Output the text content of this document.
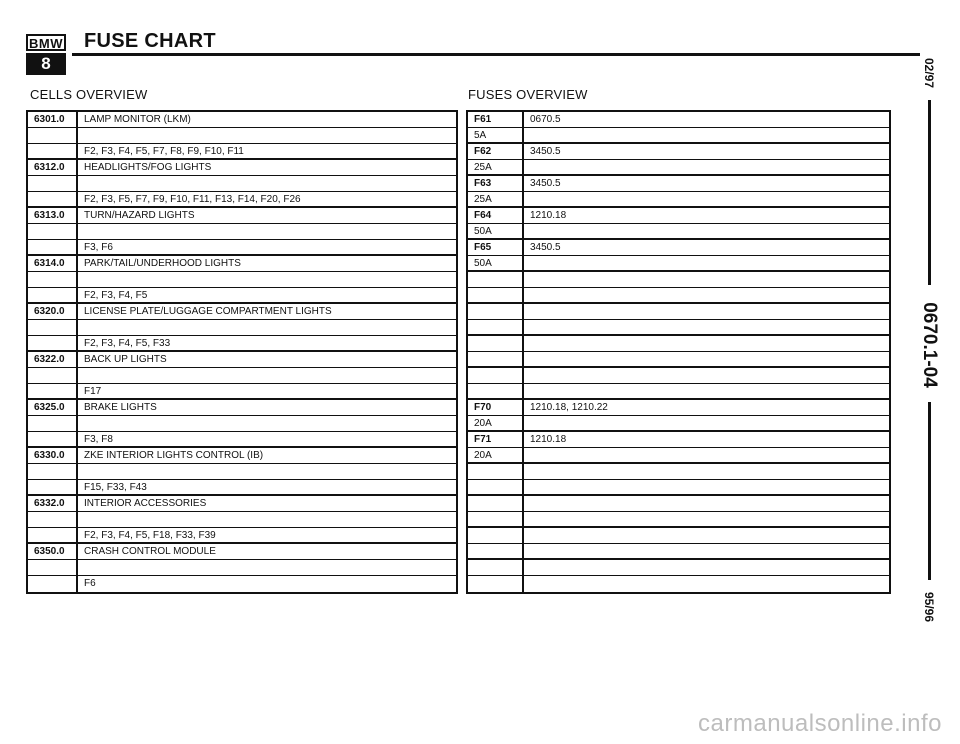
BMW
8
FUSE CHART
CELLS OVERVIEW	FUSES OVERVIEW
6301.0	LAMP MONITOR (LKM)
F2, F3, F4, F5, F7, F8, F9, F10, F11
6312.0	HEADLIGHTS/FOG LIGHTS
F2, F3, F5, F7, F9, F10, F11, F13, F14, F20, F26
6313.0	TURN/HAZARD LIGHTS
F3, F6
6314.0	PARK/TAIL/UNDERHOOD LIGHTS
F2, F3, F4, F5
6320.0	LICENSE PLATE/LUGGAGE COMPARTMENT LIGHTS
F2, F3, F4, F5, F33
6322.0	BACK UP LIGHTS
F17
6325.0	BRAKE LIGHTS
F3, F8
6330.0	ZKE INTERIOR LIGHTS CONTROL (IB)
F15, F33, F43
6332.0	INTERIOR ACCESSORIES
F2, F3, F4, F5, F18, F33, F39
6350.0	CRASH CONTROL MODULE
F6
F61	0670.5
5A
F62	3450.5
25A
F63	3450.5
25A
F64	1210.18
50A
F65	3450.5
50A
F70	1210.18, 1210.22
20A
F71	1210.18
20A
02/97
0670.1-04
95/96
carmanualsonline.info
